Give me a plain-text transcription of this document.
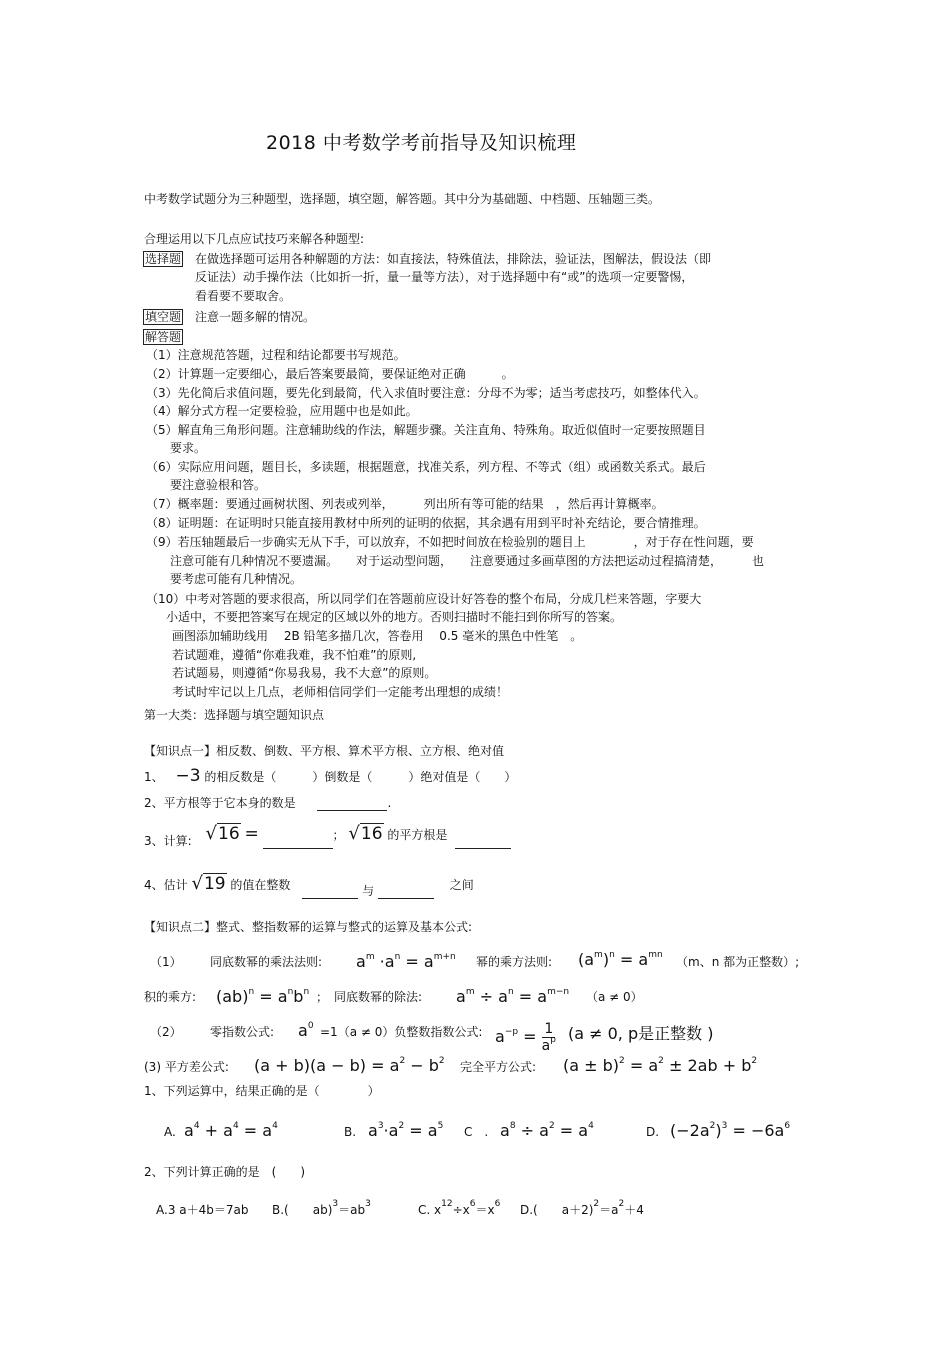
2018 中考数学考前指导及知识梳理
中考数学试题分为三种题型，选择题，填空题，解答题。其中分为基础题、中档题、压轴题三类。
合理运用以下几点应试技巧来解各种题型:
选择题 在做选择题可运用各种解题的方法：如直接法，特殊值法，排除法，验证法，图解法，假设法（即
反证法）动手操作法（比如折一折，量一量等方法），对于选择题中有“或”的选项一定要警惕，
看看要不要取舍。
填空题 注意一题多解的情况。
解答题
（1）注意规范答题，过程和结论都要书写规范。
（2）计算题一定要细心，最后答案要最简，要保证绝对正确　　　。
（3）先化简后求值问题，要先化到最简，代入求值时要注意：分母不为零；适当考虑技巧，如整体代入。
（4）解分式方程一定要检验，应用题中也是如此。
（5）解直角三角形问题。注意辅助线的作法，解题步骤。关注直角、特殊角。取近似值时一定要按照题目
　　要求。
（6）实际应用问题，题目长，多读题，根据题意，找准关系，列方程、不等式（组）或函数关系式。最后
　　要注意验根和答。
（7）概率题：要通过画树状图、列表或列举，　　　列出所有等可能的结果　，然后再计算概率。
（8）证明题：在证明时只能直接用教材中所列的证明的依据，其余遇有用到平时补充结论，要合情推理。
（9）若压轴题最后一步确实无从下手，可以放弃，不如把时间放在检验别的题目上　　　　，对于存在性问题，要
　　注意可能有几种情况不要遗漏。　　对于运动型问题，　　注意要通过多画草图的方法把运动过程搞清楚，　　　也
　　要考虑可能有几种情况。
（10）中考对答题的要求很高，所以同学们在答题前应设计好答卷的整个布局，分成几栏来答题，字要大
小适中，不要把答案写在规定的区域以外的地方。否则扫描时不能扫到你所写的答案。
画图添加辅助线用　 2B 铅笔多描几次，答卷用　 0.5 毫米的黑色中性笔　。
若试题难，遵循“你难我难，我不怕难”的原则,
若试题易，则遵循“你易我易，我不大意”的原则。
考试时牢记以上几点，老师相信同学们一定能考出理想的成绩！
第一大类：选择题与填空题知识点
【知识点一】相反数、倒数、平方根、算术平方根、立方根、绝对值
1、 −3 的相反数是（　　　）倒数是（　　　）绝对值是（　　）
2、平方根等于它本身的数是	.
3、计算: √16 =	； √16 的平方根是
4、估计 √19 的值在整数	与	之间
【知识点二】整式、整指数幂的运算与整式的运算及基本公式:
（1） 同底数幂的乘法法则: $a^m \cdot a^n = a^{m+n}$ 幂的乘方法则: $(a^m)^n = a^{mn}$ （m、n 都为正整数）;
积的乘方: $(ab)^n = a^nb^n$ ；　同底数幂的除法: $a^m \div a^n = a^{m-n}$ （a ≠ 0）
（2） 零指数公式: $a^0 =1(a \ne 0)$负整数指数公式: $a^{-p} = \frac{1}{a^p} (a \ne 0$, p是正整数 )
(3) 平方差公式: $(a + b)(a - b) = a^2 - b^2$ 完全平方公式: $(a \pm b)^2 = a^2 \pm 2ab + b^2$
1、下列运算中，结果正确的是（　　　　）
A. $a^4 + a^4 = a^4$	B. $a^3\cdot a^2 = a^5$ C　. $a^8 \div a^2 = a^4$	D. $(-2a^2)^3 = -6a^6$
2、下列计算正确的是　(　　)
A.3 a＋4b＝7ab B.(　　$ab)^3=ab^3$	C. $x^{12}\div x^6=x^6$ D.(　　$a+2)^2=a^2+4$
